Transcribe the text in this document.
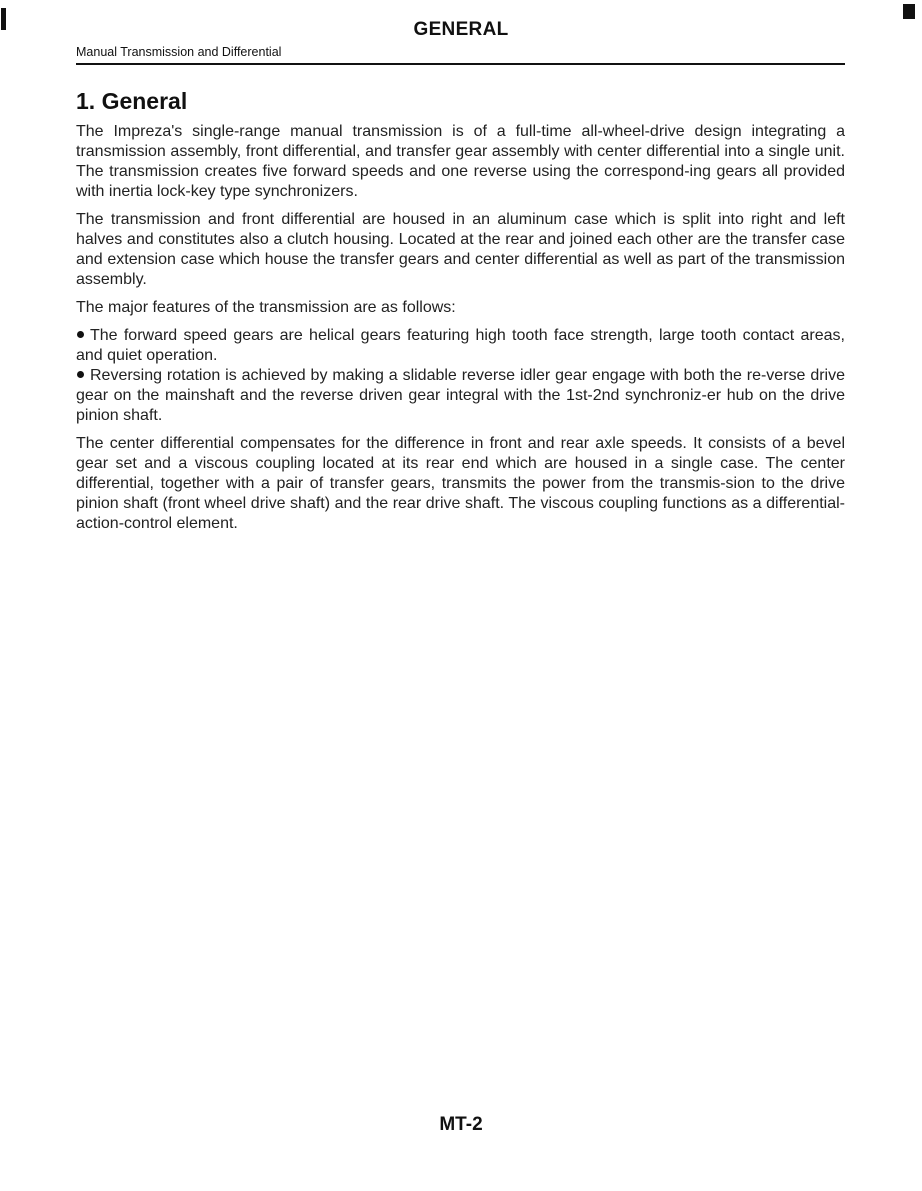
GENERAL
Manual Transmission and Differential
1. General

The Impreza's single-range manual transmission is of a full-time all-wheel-drive design integrating a transmission assembly, front differential, and transfer gear assembly with center differential into a single unit. The transmission creates five forward speeds and one reverse using the correspond-ing gears all provided with inertia lock-key type synchronizers.

The transmission and front differential are housed in an aluminum case which is split into right and left halves and constitutes also a clutch housing. Located at the rear and joined each other are the transfer case and extension case which house the transfer gears and center differential as well as part of the transmission assembly.

The major features of the transmission are as follows:

The forward speed gears are helical gears featuring high tooth face strength, large tooth contact areas, and quiet operation.
Reversing rotation is achieved by making a slidable reverse idler gear engage with both the re-verse drive gear on the mainshaft and the reverse driven gear integral with the 1st-2nd synchroniz-er hub on the drive pinion shaft.

The center differential compensates for the difference in front and rear axle speeds. It consists of a bevel gear set and a viscous coupling located at its rear end which are housed in a single case. The center differential, together with a pair of transfer gears, transmits the power from the transmis-sion to the drive pinion shaft (front wheel drive shaft) and the rear drive shaft. The viscous coupling functions as a differential-action-control element.

MT-2
